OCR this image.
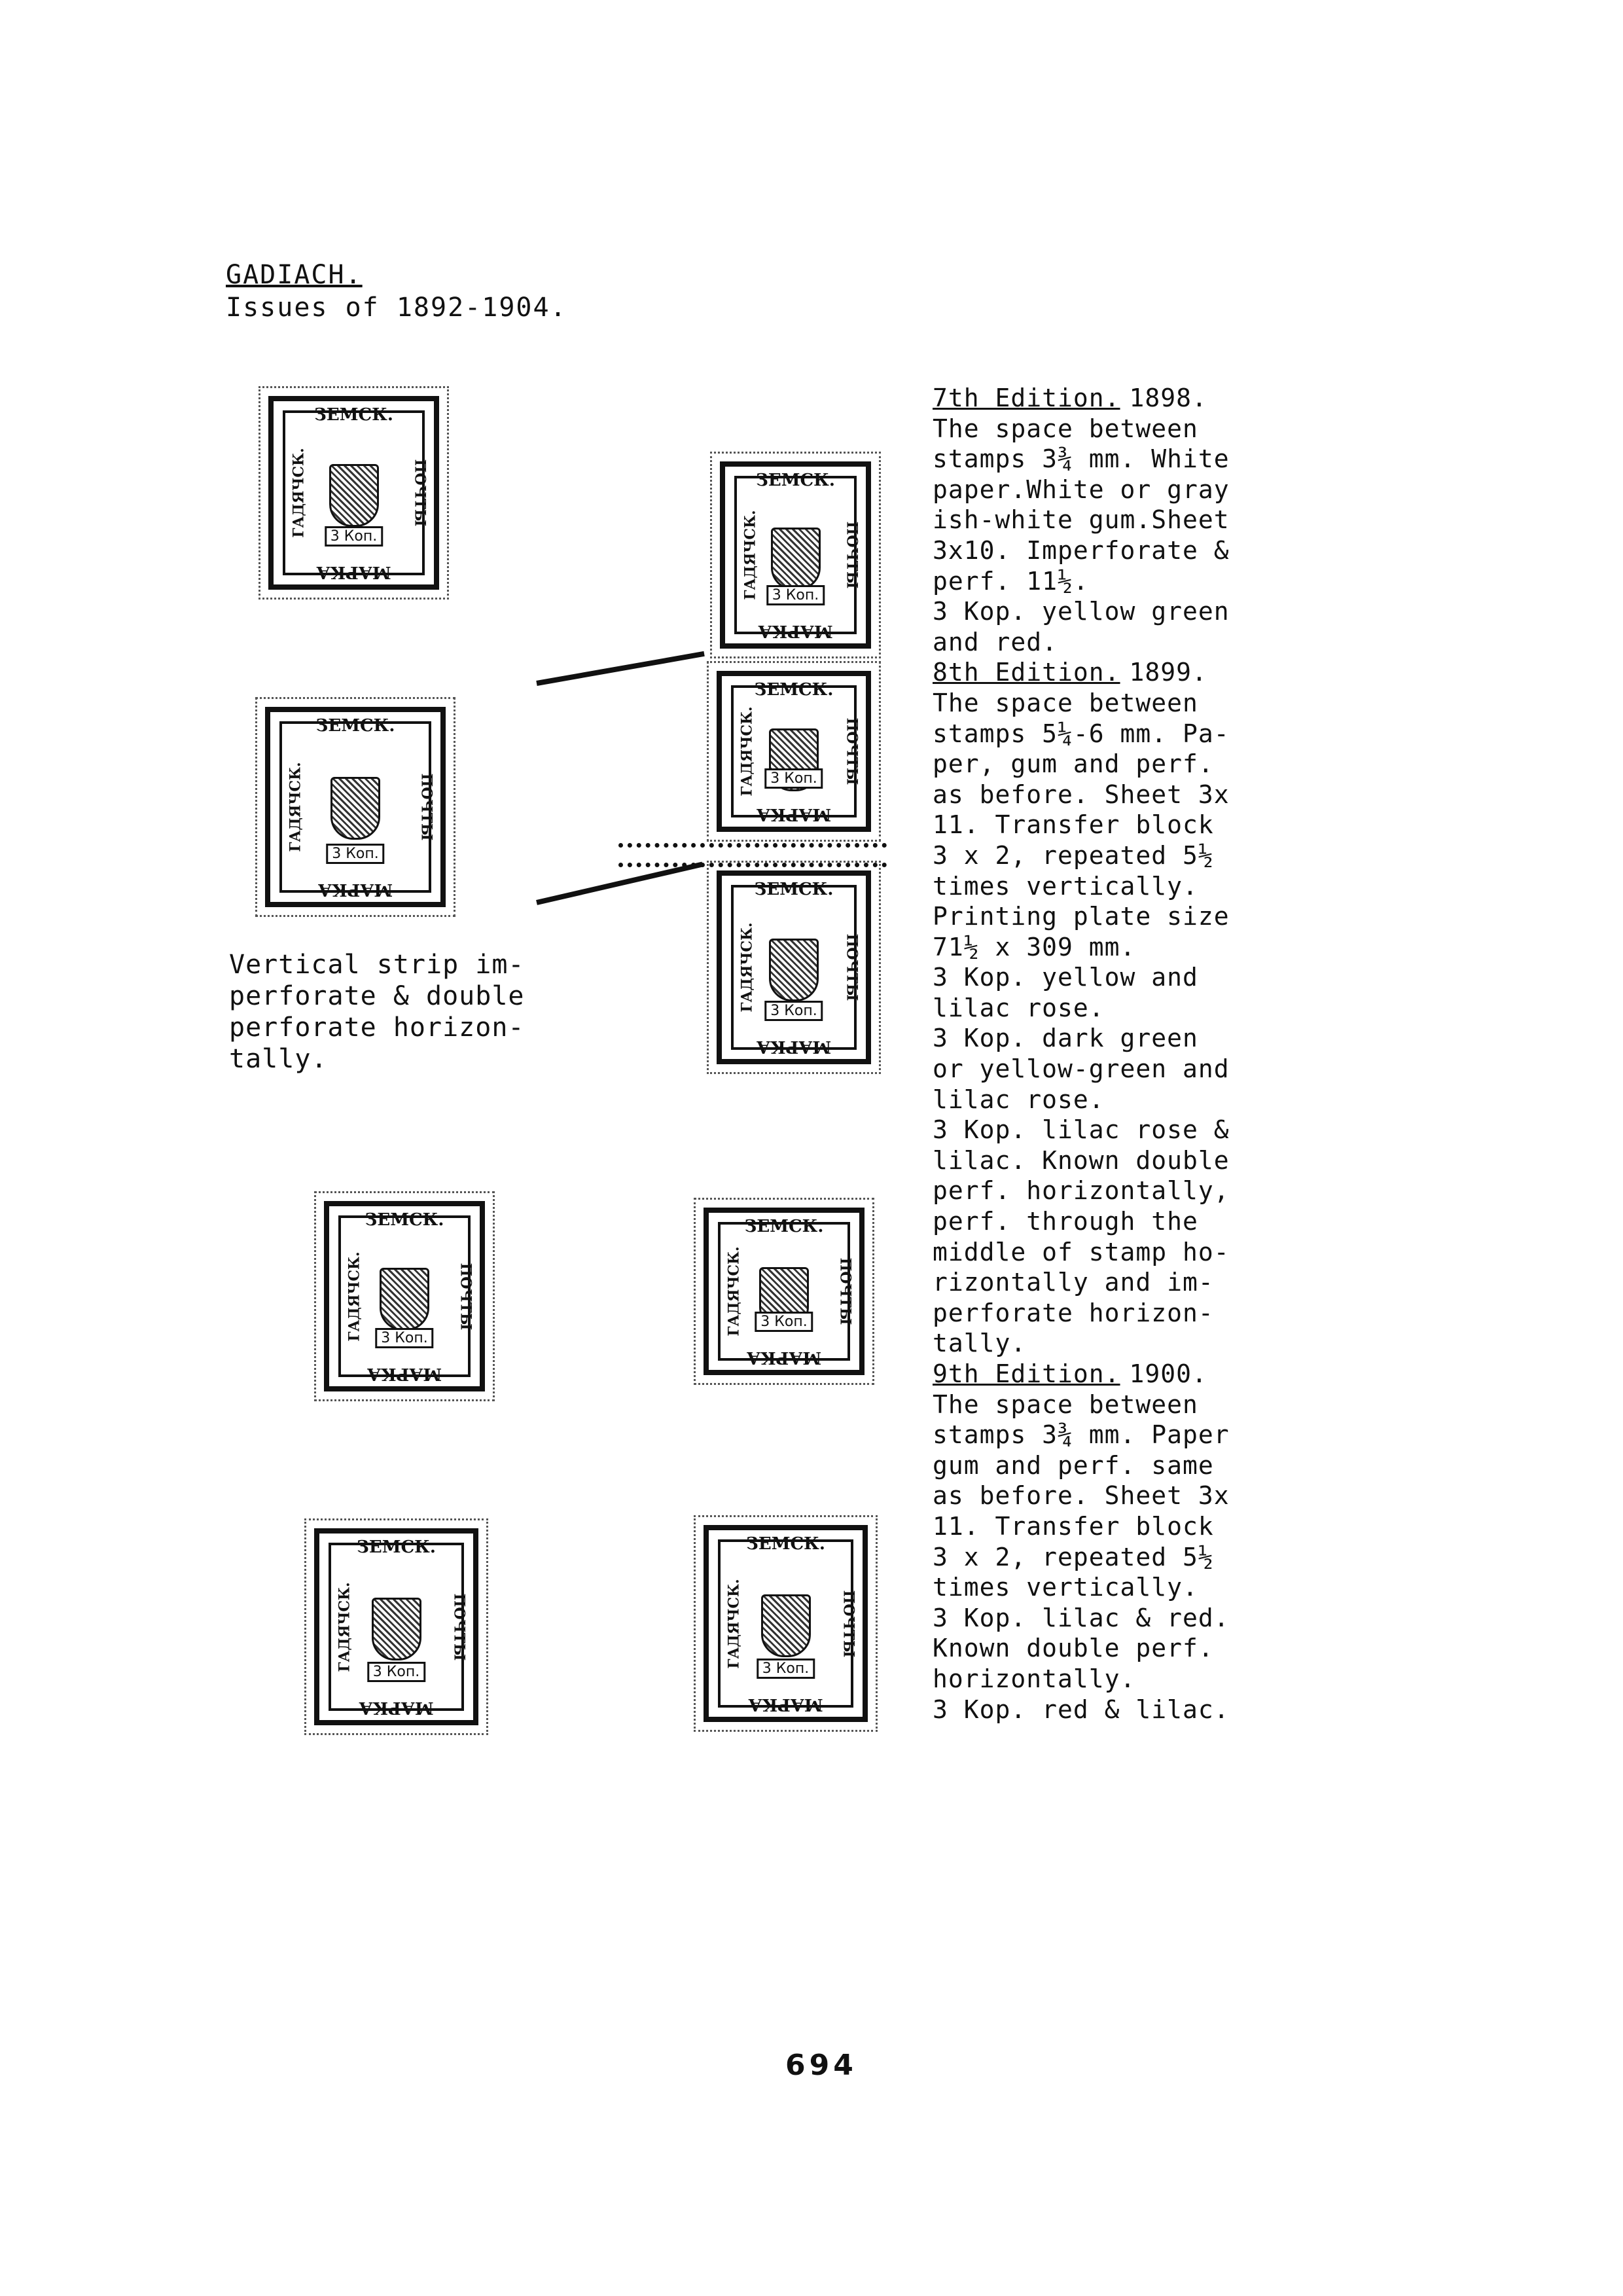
GADIACH.
Issues of 1892-1904.
Vertical strip im-
perforate & double
perforate horizon-
tally.
ЗЕМСК.
МАРКА
ГАДЯЧСК.	ПОЧТЫ
3 Коп.
ЗЕМСК.
МАРКА
ГАДЯЧСК.	ПОЧТЫ
3 Коп.
ЗЕМСК.
МАРКА
ГАДЯЧСК.	ПОЧТЫ
3 Коп.
ЗЕМСК.
МАРКА
ГАДЯЧСК.	ПОЧТЫ
3 Коп.
ЗЕМСК.
МАРКА
ГАДЯЧСК.	ПОЧТЫ
3 Коп.
ЗЕМСК.
МАРКА
ГАДЯЧСК.	ПОЧТЫ
3 Коп.
ЗЕМСК.
МАРКА
ГАДЯЧСК.	ПОЧТЫ
3 Коп.
ЗЕМСК.
МАРКА
ГАДЯЧСК.	ПОЧТЫ
3 Коп.
ЗЕМСК.
МАРКА
ГАДЯЧСК.	ПОЧТЫ
3 Коп.
7th Edition. 1898.
The space between
stamps 3¾ mm. White
paper.White or gray
ish-white gum.Sheet
3x10. Imperforate &
perf. 11½.
3 Kop. yellow green
and red.
8th Edition. 1899.
The space between
stamps 5¼-6 mm. Pa-
per, gum and perf.
as before. Sheet 3x
11. Transfer block
3 x 2, repeated 5½
times vertically.
Printing plate size
71½ x 309 mm.
3 Kop. yellow and
lilac rose.
3 Kop. dark green
or yellow-green and
lilac rose.
3 Kop. lilac rose &
lilac. Known double
perf. horizontally,
perf. through the
middle of stamp ho-
rizontally and im-
perforate horizon-
tally.
9th Edition. 1900.
The space between
stamps 3¾ mm. Paper
gum and perf. same
as before. Sheet 3x
11. Transfer block
3 x 2, repeated 5½
times vertically.
3 Kop. lilac & red.
Known double perf.
horizontally.
3 Kop. red & lilac.
694
